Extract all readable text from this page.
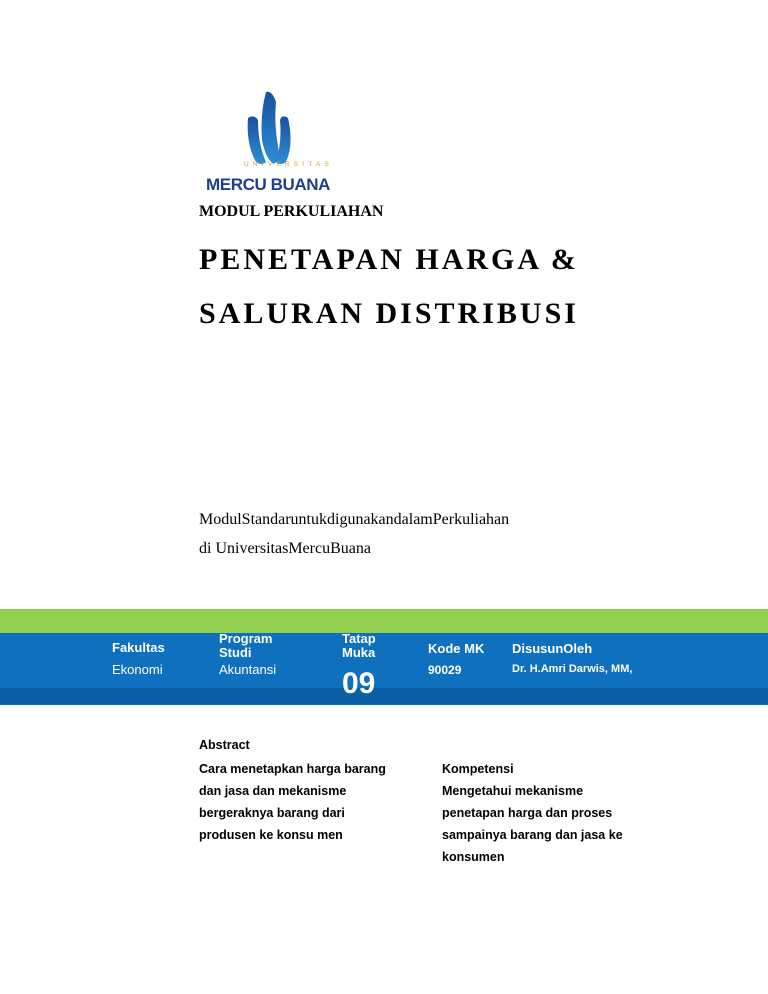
UNIVERSITAS
MERCU BUANA
MODUL PERKULIAHAN
PENETAPAN HARGA &
SALURAN DISTRIBUSI
ModulStandaruntukdigunakandalamPerkuliahan
di UniversitasMercuBuana
Fakultas
Ekonomi
Program
Studi
Akuntansi
Tatap
Muka
09
Kode MK
90029
DisusunOleh
Dr. H.Amri Darwis, MM,
Abstract
Cara menetapkan harga barang
dan jasa dan mekanisme
bergeraknya barang dari
produsen ke konsu men
Kompetensi
Mengetahui mekanisme
penetapan harga dan proses
sampainya barang dan jasa ke
konsumen
